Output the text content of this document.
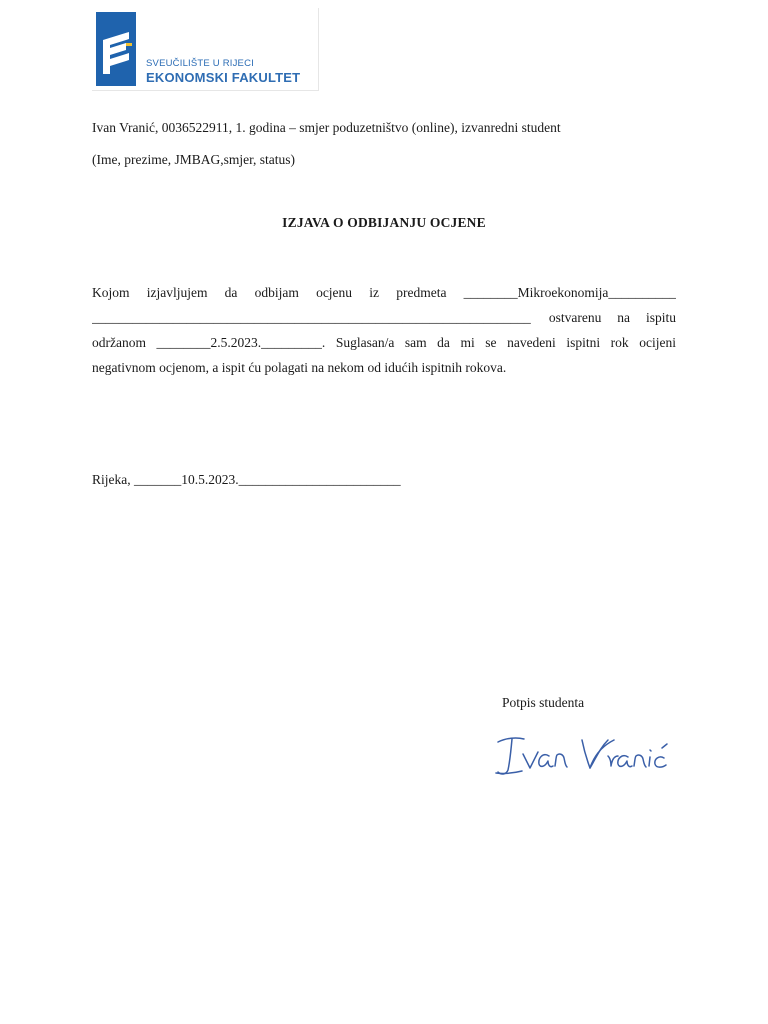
SVEUČILIŠTE U RIJECI
EKONOMSKI FAKULTET
Ivan Vranić, 0036522911, 1. godina – smjer poduzetništvo (online), izvanredni student
(Ime, prezime, JMBAG,smjer, status)
IZJAVA O ODBIJANJU OCJENE
Kojom izjavljujem da odbijam ocjenu iz predmeta ________Mikroekonomija__________
_________________________________________________________________ ostvarenu na ispitu
održanom ________2.5.2023._________. Suglasan/a sam da mi se navedeni ispitni rok ocijeni
negativnom ocjenom, a ispit ću polagati na nekom od idućih ispitnih rokova.
Rijeka, _______10.5.2023.________________________
Potpis studenta
